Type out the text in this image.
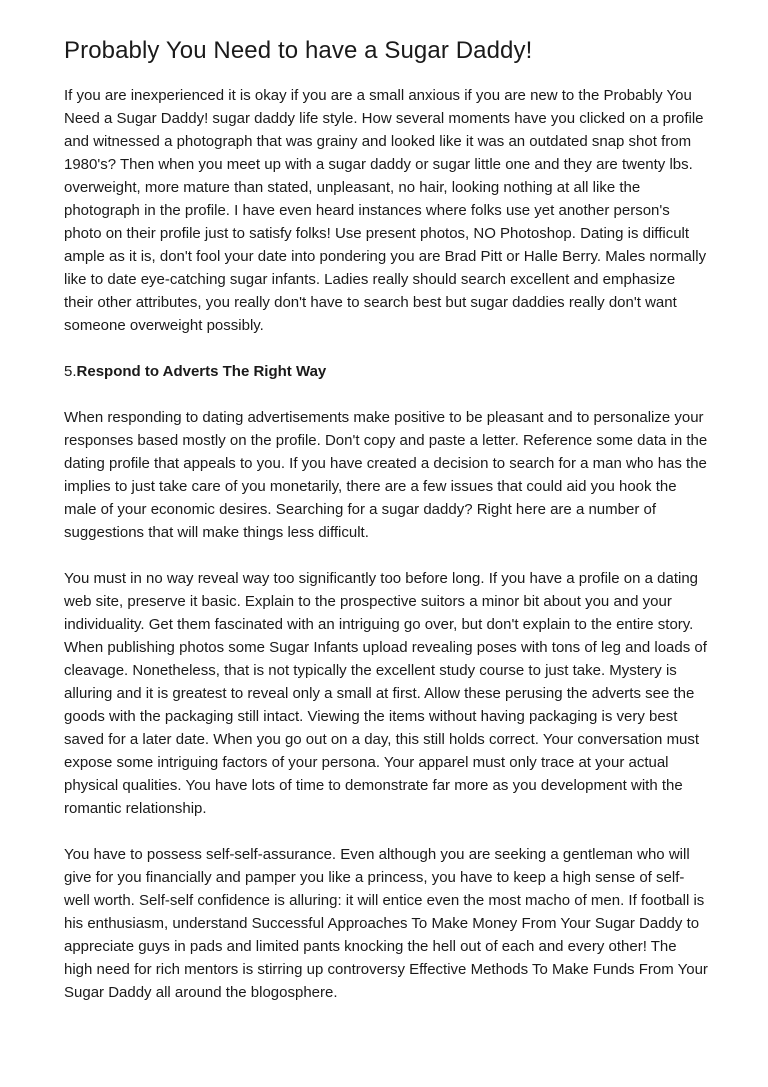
Probably You Need to have a Sugar Daddy!

If you are inexperienced it is okay if you are a small anxious if you are new to the Probably You Need a Sugar Daddy! sugar daddy life style. How several moments have you clicked on a profile and witnessed a photograph that was grainy and looked like it was an outdated snap shot from 1980's? Then when you meet up with a sugar daddy or sugar little one and they are twenty lbs. overweight, more mature than stated, unpleasant, no hair, looking nothing at all like the photograph in the profile. I have even heard instances where folks use yet another person's photo on their profile just to satisfy folks! Use present photos, NO Photoshop. Dating is difficult ample as it is, don't fool your date into pondering you are Brad Pitt or Halle Berry. Males normally like to date eye-catching sugar infants. Ladies really should search excellent and emphasize their other attributes, you really don't have to search best but sugar daddies really don't want someone overweight possibly.

5.Respond to Adverts The Right Way

When responding to dating advertisements make positive to be pleasant and to personalize your responses based mostly on the profile. Don't copy and paste a letter. Reference some data in the dating profile that appeals to you. If you have created a decision to search for a man who has the implies to just take care of you monetarily, there are a few issues that could aid you hook the male of your economic desires. Searching for a sugar daddy? Right here are a number of suggestions that will make things less difficult.

You must in no way reveal way too significantly too before long. If you have a profile on a dating web site, preserve it basic. Explain to the prospective suitors a minor bit about you and your individuality. Get them fascinated with an intriguing go over, but don't explain to the entire story. When publishing photos some Sugar Infants upload revealing poses with tons of leg and loads of cleavage. Nonetheless, that is not typically the excellent study course to just take. Mystery is alluring and it is greatest to reveal only a small at first. Allow these perusing the adverts see the goods with the packaging still intact. Viewing the items without having packaging is very best saved for a later date. When you go out on a day, this still holds correct. Your conversation must expose some intriguing factors of your persona. Your apparel must only trace at your actual physical qualities. You have lots of time to demonstrate far more as you development with the romantic relationship.

You have to possess self-self-assurance. Even although you are seeking a gentleman who will give for you financially and pamper you like a princess, you have to keep a high sense of self-well worth. Self-self confidence is alluring: it will entice even the most macho of men. If football is his enthusiasm, understand Successful Approaches To Make Money From Your Sugar Daddy to appreciate guys in pads and limited pants knocking the hell out of each and every other! The high need for rich mentors is stirring up controversy Effective Methods To Make Funds From Your Sugar Daddy all around the blogosphere.
